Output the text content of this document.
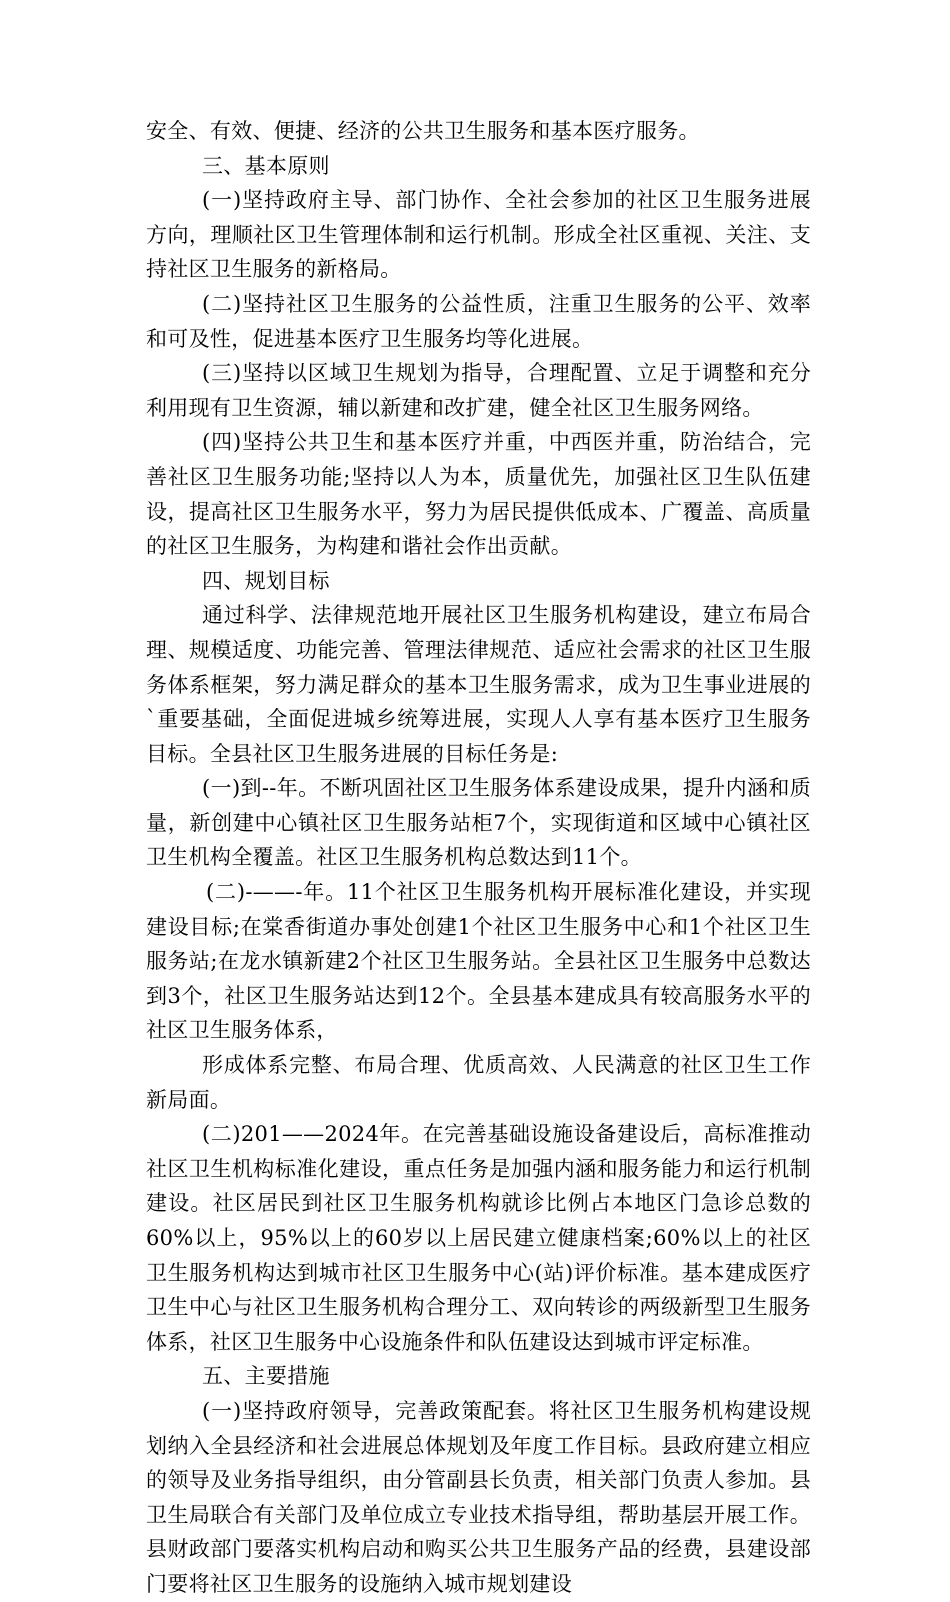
安全、有效、便捷、经济的公共卫生服务和基本医疗服务。

三、基本原则

(一)坚持政府主导、部门协作、全社会参加的社区卫生服务进展方向，理顺社区卫生管理体制和运行机制。形成全社区重视、关注、支持社区卫生服务的新格局。

(二)坚持社区卫生服务的公益性质，注重卫生服务的公平、效率和可及性，促进基本医疗卫生服务均等化进展。

(三)坚持以区域卫生规划为指导，合理配置、立足于调整和充分利用现有卫生资源，辅以新建和改扩建，健全社区卫生服务网络。

(四)坚持公共卫生和基本医疗并重，中西医并重，防治结合，完善社区卫生服务功能;坚持以人为本，质量优先，加强社区卫生队伍建设，提高社区卫生服务水平，努力为居民提供低成本、广覆盖、高质量的社区卫生服务，为构建和谐社会作出贡献。

四、规划目标

通过科学、法律规范地开展社区卫生服务机构建设，建立布局合理、规模适度、功能完善、管理法律规范、适应社会需求的社区卫生服务体系框架，努力满足群众的基本卫生服务需求，成为卫生事业进展的`重要基础，全面促进城乡统筹进展，实现人人享有基本医疗卫生服务目标。全县社区卫生服务进展的目标任务是:

(一)到--年。不断巩固社区卫生服务体系建设成果，提升内涵和质量，新创建中心镇社区卫生服务站柜7个，实现街道和区域中心镇社区卫生机构全覆盖。社区卫生服务机构总数达到11个。

(二)-——-年。11个社区卫生服务机构开展标准化建设，并实现建设目标;在棠香街道办事处创建1个社区卫生服务中心和1个社区卫生服务站;在龙水镇新建2个社区卫生服务站。全县社区卫生服务中总数达到3个，社区卫生服务站达到12个。全县基本建成具有较高服务水平的社区卫生服务体系，

形成体系完整、布局合理、优质高效、人民满意的社区卫生工作新局面。

(二)201——2024年。在完善基础设施设备建设后，高标准推动社区卫生机构标准化建设，重点任务是加强内涵和服务能力和运行机制建设。社区居民到社区卫生服务机构就诊比例占本地区门急诊总数的60%以上，95%以上的60岁以上居民建立健康档案;60%以上的社区卫生服务机构达到城市社区卫生服务中心(站)评价标准。基本建成医疗卫生中心与社区卫生服务机构合理分工、双向转诊的两级新型卫生服务体系，社区卫生服务中心设施条件和队伍建设达到城市评定标准。

五、主要措施

(一)坚持政府领导，完善政策配套。将社区卫生服务机构建设规划纳入全县经济和社会进展总体规划及年度工作目标。县政府建立相应的领导及业务指导组织，由分管副县长负责，相关部门负责人参加。县卫生局联合有关部门及单位成立专业技术指导组，帮助基层开展工作。县财政部门要落实机构启动和购买公共卫生服务产品的经费，县建设部门要将社区卫生服务的设施纳入城市规划建设
